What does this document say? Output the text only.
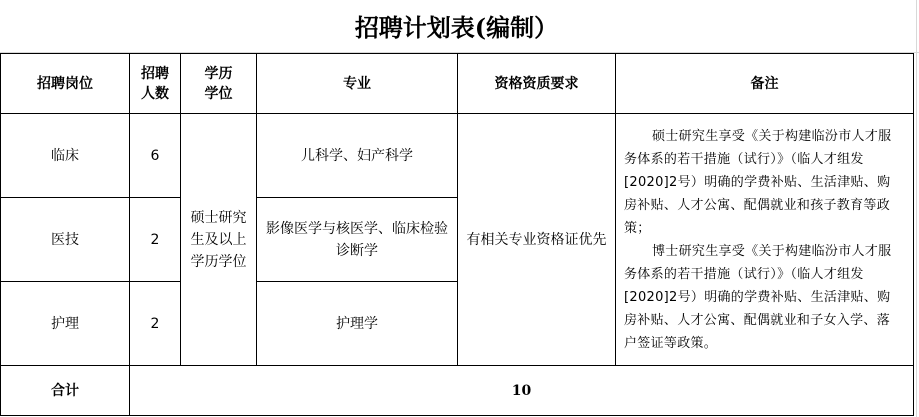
招聘计划表(编制）
招聘岗位	招聘人数	学历学位	专业	资格资质要求	备注
临床	6	硕士研究生及以上学历学位	儿科学、妇产科学	有相关专业资格证优先	硕士研究生享受《关于构建临汾市人才服务体系的若干措施（试行）》（临人才组发[2020]2号）明确的学费补贴、生活津贴、购房补贴、人才公寓、配偶就业和孩子教育等政策；
博士研究生享受《关于构建临汾市人才服务体系的若干措施（试行）》（临人才组发[2020]2号）明确的学费补贴、生活津贴、购房补贴、人才公寓、配偶就业和子女入学、落户签证等政策。

医技	2		影像医学与核医学、临床检验诊断学		
护理	2		护理学		
合计	10				
